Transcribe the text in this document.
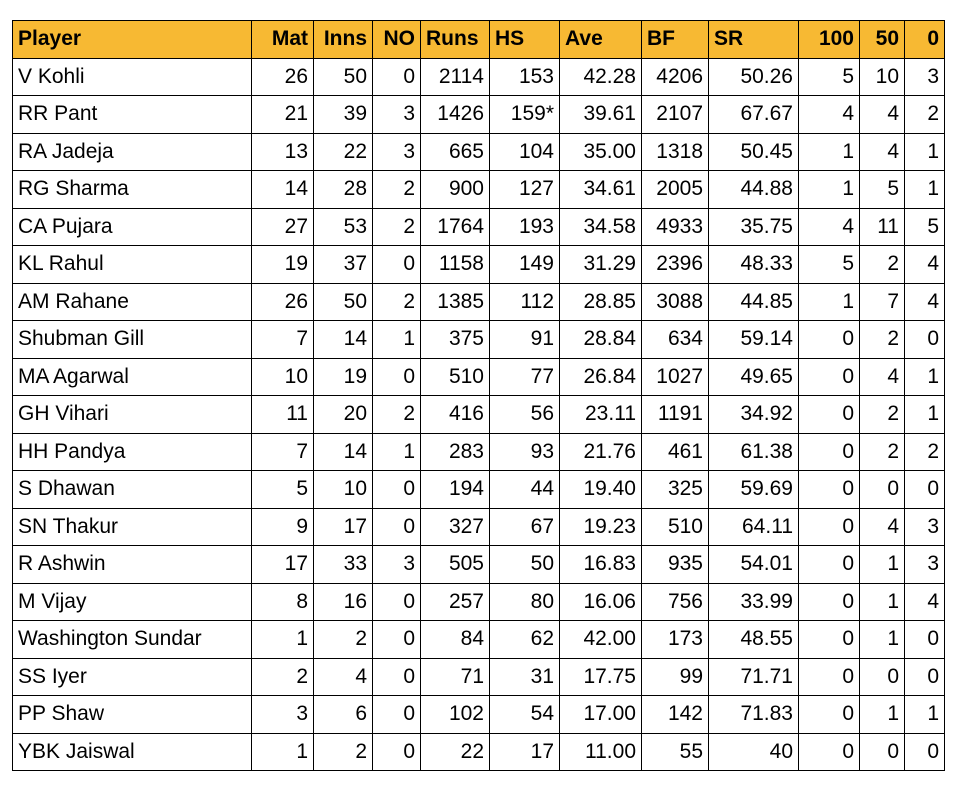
Player	Mat	Inns	NO	Runs	HS	Ave	BF	SR	100	50	0
V Kohli	26	50	0	2114	153	42.28	4206	50.26	5	10	3
RR Pant	21	39	3	1426	159*	39.61	2107	67.67	4	4	2
RA Jadeja	13	22	3	665	104	35.00	1318	50.45	1	4	1
RG Sharma	14	28	2	900	127	34.61	2005	44.88	1	5	1
CA Pujara	27	53	2	1764	193	34.58	4933	35.75	4	11	5
KL Rahul	19	37	0	1158	149	31.29	2396	48.33	5	2	4
AM Rahane	26	50	2	1385	112	28.85	3088	44.85	1	7	4
Shubman Gill	7	14	1	375	91	28.84	634	59.14	0	2	0
MA Agarwal	10	19	0	510	77	26.84	1027	49.65	0	4	1
GH Vihari	11	20	2	416	56	23.11	1191	34.92	0	2	1
HH Pandya	7	14	1	283	93	21.76	461	61.38	0	2	2
S Dhawan	5	10	0	194	44	19.40	325	59.69	0	0	0
SN Thakur	9	17	0	327	67	19.23	510	64.11	0	4	3
R Ashwin	17	33	3	505	50	16.83	935	54.01	0	1	3
M Vijay	8	16	0	257	80	16.06	756	33.99	0	1	4
Washington Sundar	1	2	0	84	62	42.00	173	48.55	0	1	0
SS Iyer	2	4	0	71	31	17.75	99	71.71	0	0	0
PP Shaw	3	6	0	102	54	17.00	142	71.83	0	1	1
YBK Jaiswal	1	2	0	22	17	11.00	55	40	0	0	0
